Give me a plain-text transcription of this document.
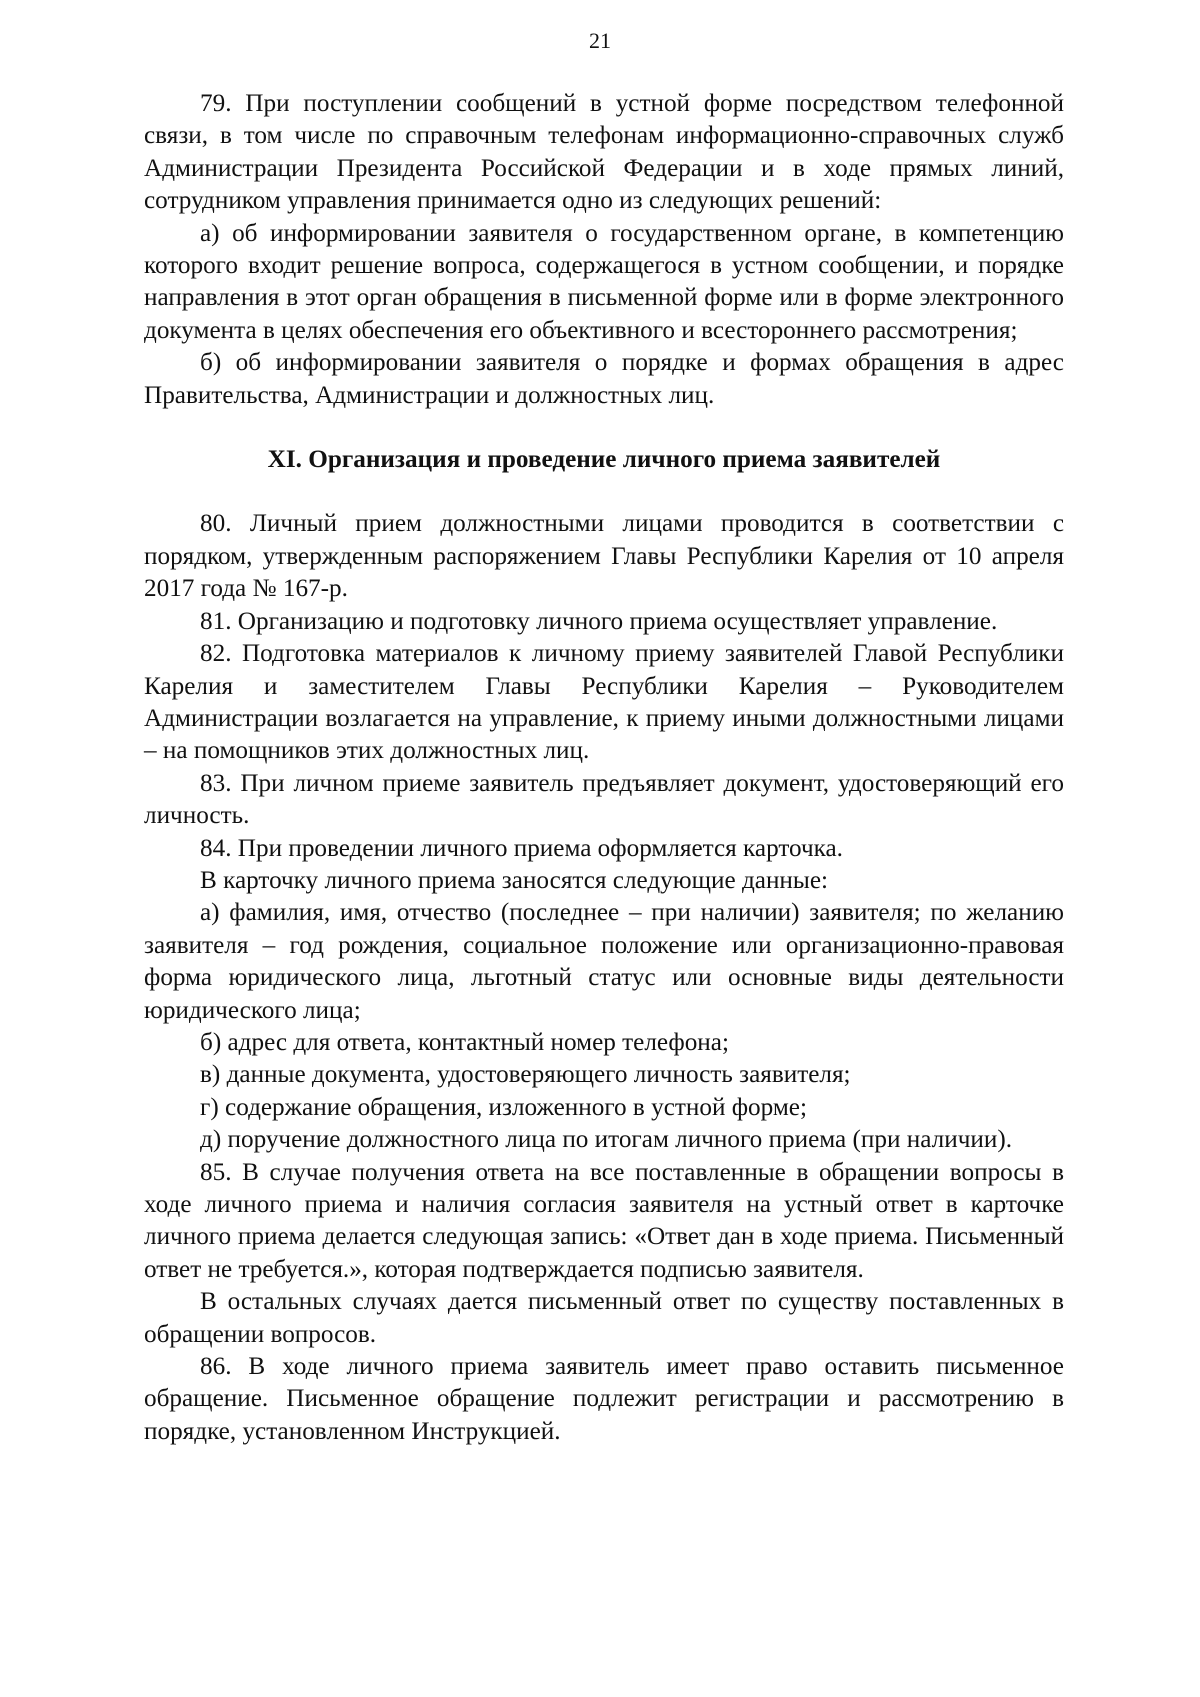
21

79. При поступлении сообщений в устной форме посредством телефонной связи, в том числе по справочным телефонам информационно-справочных служб Администрации Президента Российской Федерации и в ходе прямых линий, сотрудником управления принимается одно из следующих решений:

а) об информировании заявителя о государственном органе, в компетенцию которого входит решение вопроса, содержащегося в устном сообщении, и порядке направления в этот орган обращения в письменной форме или в форме электронного документа в целях обеспечения его объективного и всестороннего рассмотрения;

б) об информировании заявителя о порядке и формах обращения в адрес Правительства, Администрации и должностных лиц.

XI. Организация и проведение личного приема заявителей

80. Личный прием должностными лицами проводится в соответствии с порядком, утвержденным распоряжением Главы Республики Карелия от 10 апреля 2017 года № 167-р.

81. Организацию и подготовку личного приема осуществляет управление.

82. Подготовка материалов к личному приему заявителей Главой Республики Карелия и заместителем Главы Республики Карелия – Руководителем Администрации возлагается на управление, к приему иными должностными лицами – на помощников этих должностных лиц.

83. При личном приеме заявитель предъявляет документ, удостоверяющий его личность.

84. При проведении личного приема оформляется карточка.

В карточку личного приема заносятся следующие данные:

а) фамилия, имя, отчество (последнее – при наличии) заявителя; по желанию заявителя – год рождения, социальное положение или организационно-правовая форма юридического лица, льготный статус или основные виды деятельности юридического лица;

б) адрес для ответа, контактный номер телефона;

в) данные документа, удостоверяющего личность заявителя;

г) содержание обращения, изложенного в устной форме;

д) поручение должностного лица по итогам личного приема (при наличии).

85. В случае получения ответа на все поставленные в обращении вопросы в ходе личного приема и наличия согласия заявителя на устный ответ в карточке личного приема делается следующая запись: «Ответ дан в ходе приема. Письменный ответ не требуется.», которая подтверждается подписью заявителя.

В остальных случаях дается письменный ответ по существу поставленных в обращении вопросов.

86. В ходе личного приема заявитель имеет право оставить письменное обращение. Письменное обращение подлежит регистрации и рассмотрению в порядке, установленном Инструкцией.
